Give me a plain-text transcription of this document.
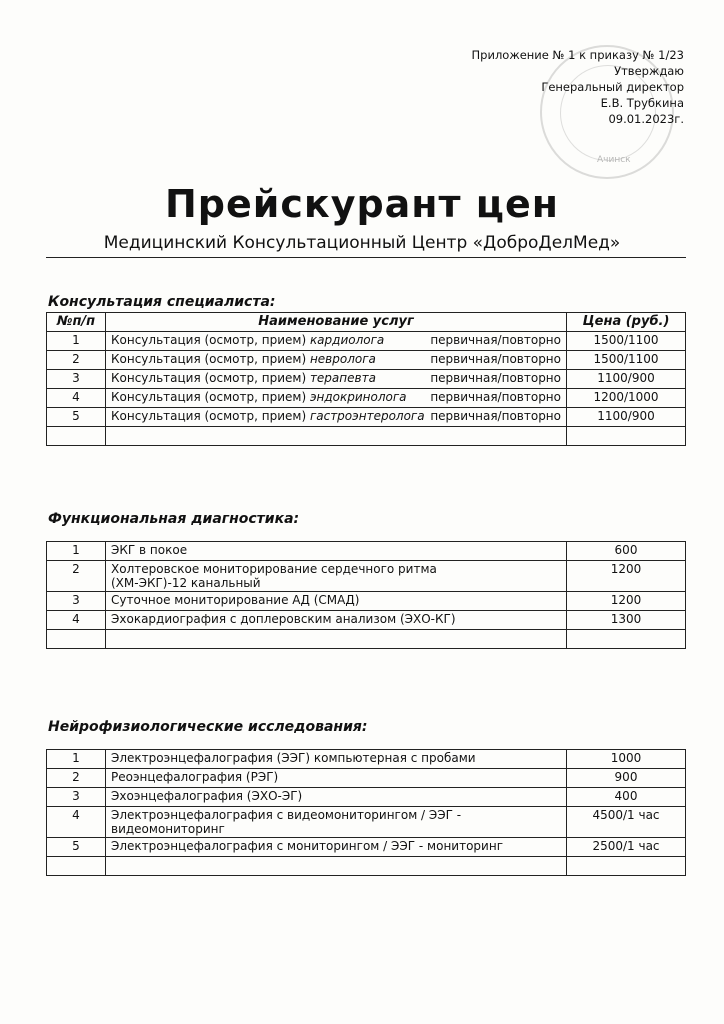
Ачинск
Приложение № 1 к приказу № 1/23
Утверждаю
Генеральный директор
Е.В. Трубкина
09.01.2023г.
Прейскурант цен
Медицинский Консультационный Центр «ДоброДелМед»
Консультация специалиста:
№п/п	Наименование услуг	Цена (руб.)
1	Консультация (осмотр, прием) кардиолога первичная/повторно	1500/1100
2	Консультация (осмотр, прием) невролога первичная/повторно	1500/1100
3	Консультация (осмотр, прием) терапевта первичная/повторно	1100/900
4	Консультация (осмотр, прием) эндокринолога первичная/повторно	1200/1000
5	Консультация (осмотр, прием) гастроэнтеролога первичная/повторно	1100/900

Функциональная диагностика:
1	ЭКГ в покое	600
2	Холтеровское мониторирование сердечного ритма
(ХМ-ЭКГ)-12 канальный	1200
3	Суточное мониторирование АД (СМАД)	1200
4	Эхокардиография с доплеровским анализом (ЭХО-КГ)	1300

Нейрофизиологические исследования:
1	Электроэнцефалография (ЭЭГ) компьютерная с пробами	1000
2	Реоэнцефалография (РЭГ)	900
3	Эхоэнцефалография (ЭХО-ЭГ)	400
4	Электроэнцефалография с видеомониторингом / ЭЭГ -
видеомониторинг	4500/1 час
5	Электроэнцефалография с мониторингом / ЭЭГ - мониторинг	2500/1 час
